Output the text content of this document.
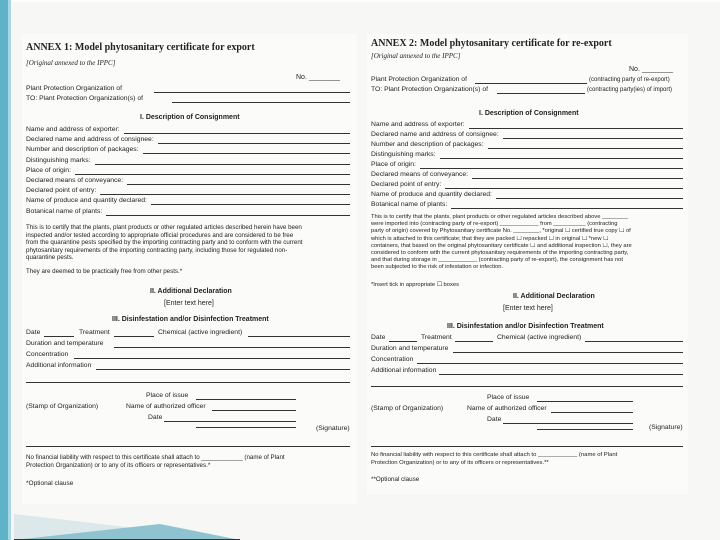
ANNEX 1: Model phytosanitary certificate for export
[Original annexed to the IPPC]
No. ________
Plant Protection Organization of
TO: Plant Protection Organization(s) of
I. Description of Consignment
Name and address of exporter:
Declared name and address of consignee:
Number and description of packages:
Distinguishing marks:
Place of origin:
Declared means of conveyance:
Declared point of entry:
Name of produce and quantity declared:
Botanical name of plants:
This is to certify that the plants, plant products or other regulated articles described herein have been
inspected and/or tested according to appropriate official procedures and are considered to be free
from the quarantine pests specified by the importing contracting party and to conform with the current
phytosanitary requirements of the importing contracting party, including those for regulated non-
quarantine pests.
They are deemed to be practically free from other pests.*
II. Additional Declaration
[Enter text here]
III. Disinfestation and/or Disinfection Treatment
Date	Treatment	Chemical (active ingredient)
Duration and temperature
Concentration
Additional information
Place of issue
(Stamp of Organization)	Name of authorized officer
Date
(Signature)
No financial liability with respect to this certificate shall attach to ____________ (name of Plant
Protection Organization) or to any of its officers or representatives.*
*Optional clause
ANNEX 2: Model phytosanitary certificate for re-export
[Original annexed to the IPPC]
No. ________
Plant Protection Organization of	(contracting party of re-export)
TO: Plant Protection Organization(s) of	(contracting party(ies) of import)
I. Description of Consignment
Name and address of exporter:
Declared name and address of consignee:
Number and description of packages:
Distinguishing marks:
Place of origin:
Declared means of conveyance:
Declared point of entry:
Name of produce and quantity declared:
Botanical name of plants:
This is to certify that the plants, plant products or other regulated articles described above ________
were imported into (contracting party of re-export) ____________ from __________ (contracting
party of origin) covered by Phytosanitary certificate No. ________, *original ☐ certified true copy ☐ of
which is attached to this certificate; that they are packed ☐ repacked ☐ in original ☐ *new ☐
containers, that based on the original phytosanitary certificate ☐ and additional inspection ☐, they are
considered to conform with the current phytosanitary requirements of the importing contracting party,
and that during storage in ____________ (contracting party of re-export), the consignment has not
been subjected to the risk of infestation or infection.
*Insert tick in appropriate ☐ boxes
II. Additional Declaration
[Enter text here]
III. Disinfestation and/or Disinfection Treatment
Date	Treatment	Chemical (active ingredient)
Duration and temperature
Concentration
Additional information
Place of issue
(Stamp of Organization)	Name of authorized officer
Date
(Signature)
No financial liability with respect to this certificate shall attach to ____________ (name of Plant
Protection Organization) or to any of its officers or representatives.**
**Optional clause
